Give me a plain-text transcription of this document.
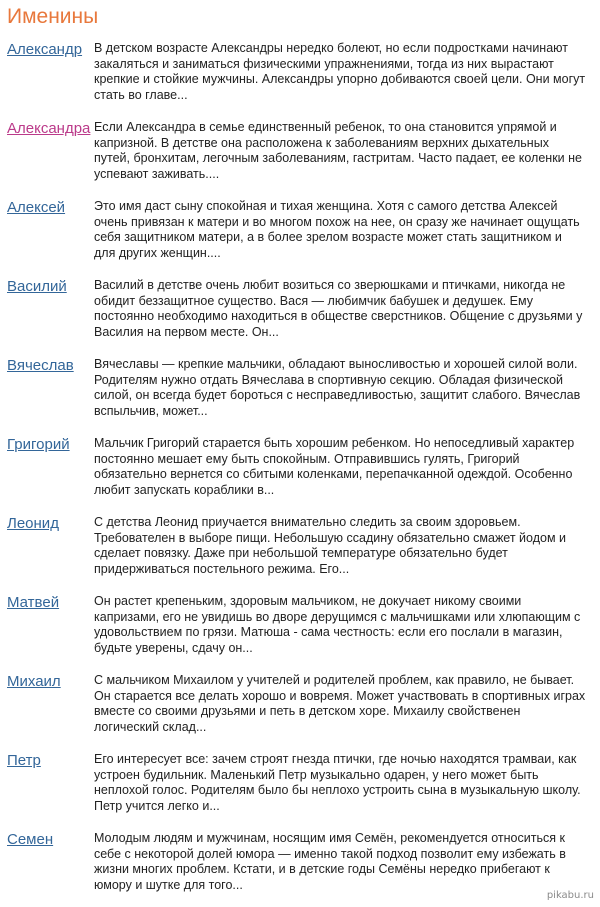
Именины
Александр В детском возрасте Александры нередко болеют, но если подростками начинают закаляться и заниматься физическими упражнениями, тогда из них вырастают крепкие и стойкие мужчины. Александры упорно добиваются своей цели. Они могут стать во главе...

Александра Если Александра в семье единственный ребенок, то она становится упрямой и капризной. В детстве она расположена к заболеваниям верхних дыхательных путей, бронхитам, легочным заболеваниям, гастритам. Часто падает, ее коленки не успевают заживать....

Алексей Это имя даст сыну спокойная и тихая женщина. Хотя с самого детства Алексей очень привязан к матери и во многом похож на нее, он сразу же начинает ощущать себя защитником матери, а в более зрелом возрасте может стать защитником и для других женщин....

Василий Василий в детстве очень любит возиться со зверюшками и птичками, никогда не обидит беззащитное существо. Вася — любимчик бабушек и дедушек. Ему постоянно необходимо находиться в обществе сверстников. Общение с друзьями у Василия на первом месте. Он...

Вячеслав Вячеславы — крепкие мальчики, обладают выносливостью и хорошей силой воли. Родителям нужно отдать Вячеслава в спортивную секцию. Обладая физической силой, он всегда будет бороться с несправедливостью, защитит слабого. Вячеслав вспыльчив, может...

Григорий Мальчик Григорий старается быть хорошим ребенком. Но непоседливый характер постоянно мешает ему быть спокойным. Отправившись гулять, Григорий обязательно вернется со сбитыми коленками, перепачканной одеждой. Особенно любит запускать кораблики в...

Леонид	С детства Леонид приучается внимательно следить за своим здоровьем. Требователен в выборе пищи. Небольшую ссадину обязательно смажет йодом и сделает повязку. Даже при небольшой температуре обязательно будет придерживаться постельного режима. Его...

Матвей	Он растет крепеньким, здоровым мальчиком, не докучает никому своими капризами, его не увидишь во дворе дерущимся с мальчишками или хлюпающим с удовольствием по грязи. Матюша - сама честность: если его послали в магазин, будьте уверены, сдачу он...

Михаил	С мальчиком Михаилом у учителей и родителей проблем, как правило, не бывает. Он старается все делать хорошо и вовремя. Может участвовать в спортивных играх вместе со своими друзьями и петь в детском хоре. Михаилу свойственен логический склад...

Петр	Его интересует все: зачем строят гнезда птички, где ночью находятся трамваи, как устроен будильник. Маленький Петр музыкально одарен, у него может быть неплохой голос. Родителям было бы неплохо устроить сына в музыкальную школу. Петр учится легко и...

Семен	Молодым людям и мужчинам, носящим имя Семён, рекомендуется относиться к себе с некоторой долей юмора — именно такой подход позволит ему избежать в жизни многих проблем. Кстати, и в детские годы Семёны нередко прибегают к юмору и шутке для того...

pikabu.ru
